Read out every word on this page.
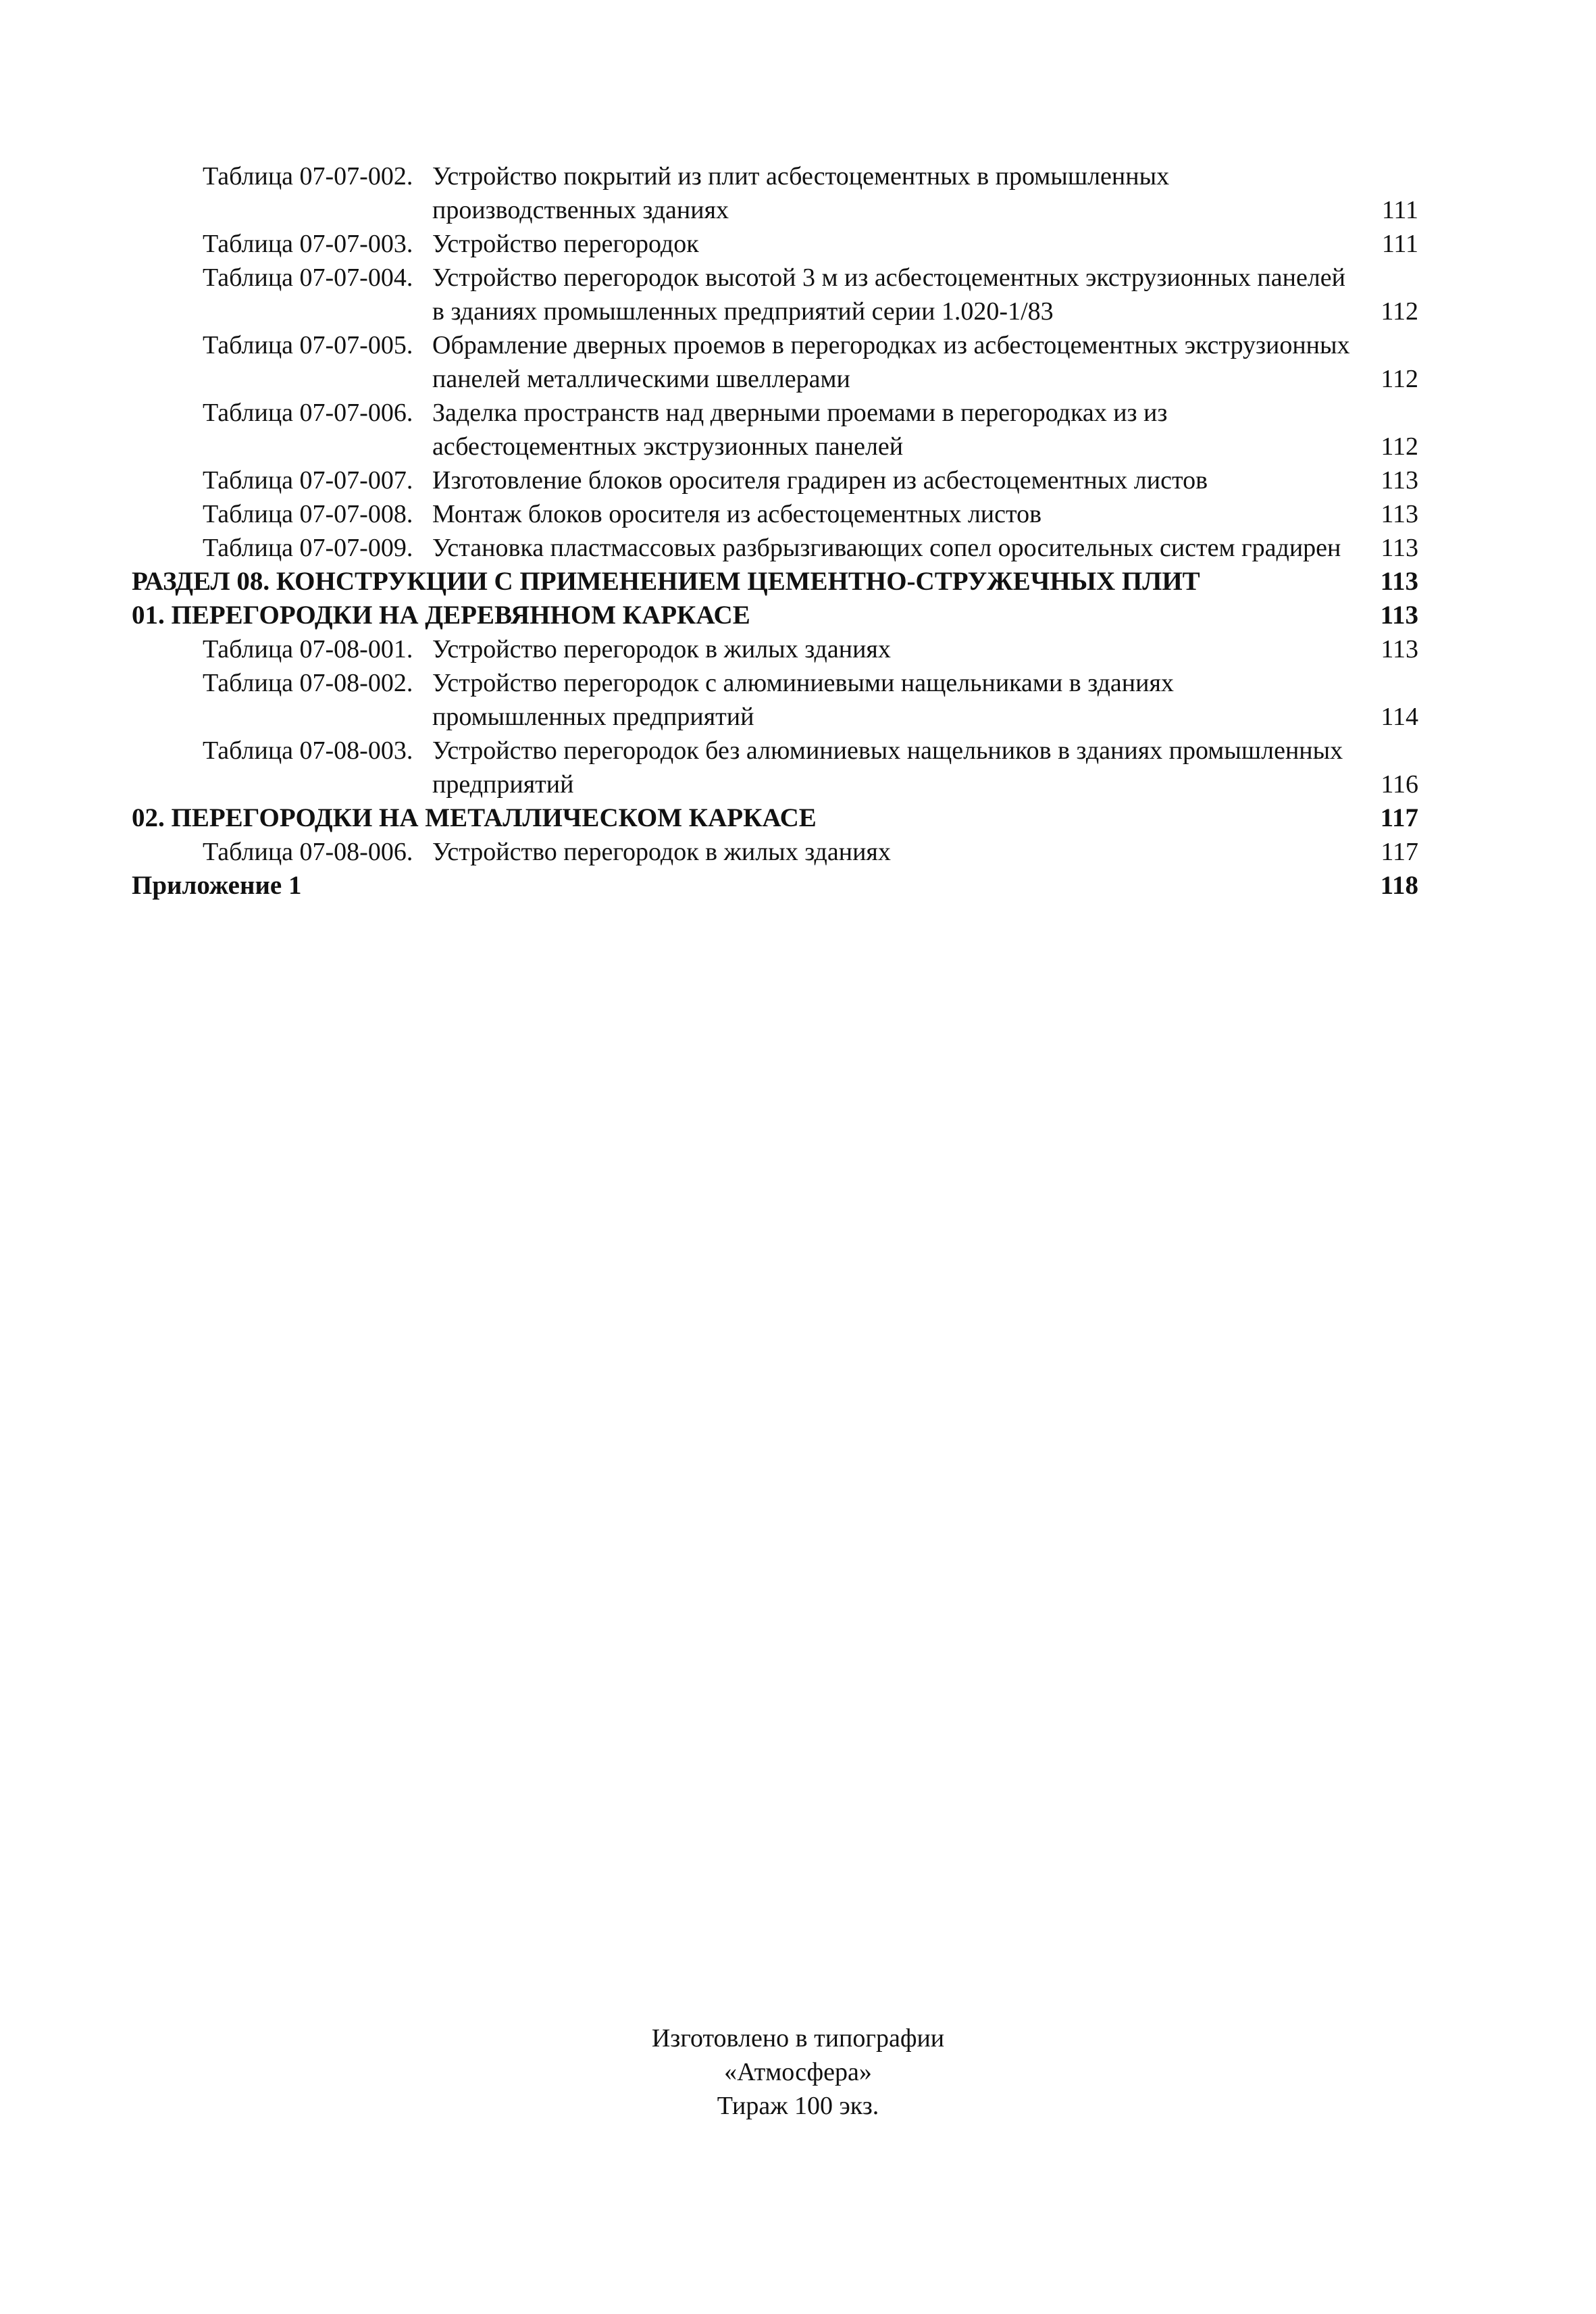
Таблица 07-07-002. Устройство покрытий из плит асбестоцементных в промышленных производственных зданиях	111
Таблица 07-07-003. Устройство перегородок	111
Таблица 07-07-004. Устройство перегородок высотой 3 м из асбестоцементных экструзионных панелей в зданиях промышленных предприятий серии 1.020-1/83	112
Таблица 07-07-005. Обрамление дверных проемов в перегородках из асбестоцементных экструзионных панелей металлическими швеллерами	112
Таблица 07-07-006. Заделка пространств над дверными проемами в перегородках из из асбестоцементных экструзионных панелей	112
Таблица 07-07-007. Изготовление блоков оросителя градирен из асбестоцементных листов	113
Таблица 07-07-008. Монтаж блоков оросителя из асбестоцементных листов	113
Таблица 07-07-009. Установка пластмассовых разбрызгивающих сопел оросительных систем градирен	113
РАЗДЕЛ 08. КОНСТРУКЦИИ С ПРИМЕНЕНИЕМ ЦЕМЕНТНО-СТРУЖЕЧНЫХ ПЛИТ	113
01. ПЕРЕГОРОДКИ НА ДЕРЕВЯННОМ КАРКАСЕ	113
Таблица 07-08-001. Устройство перегородок в жилых зданиях	113
Таблица 07-08-002. Устройство перегородок с алюминиевыми нащельниками в зданиях промышленных предприятий	114
Таблица 07-08-003. Устройство перегородок без алюминиевых нащельников в зданиях промышленных предприятий	116
02. ПЕРЕГОРОДКИ НА МЕТАЛЛИЧЕСКОМ КАРКАСЕ	117
Таблица 07-08-006. Устройство перегородок в жилых зданиях	117
Приложение 1	118
Изготовлено в типографии
«Атмосфера»
Тираж 100 экз.
